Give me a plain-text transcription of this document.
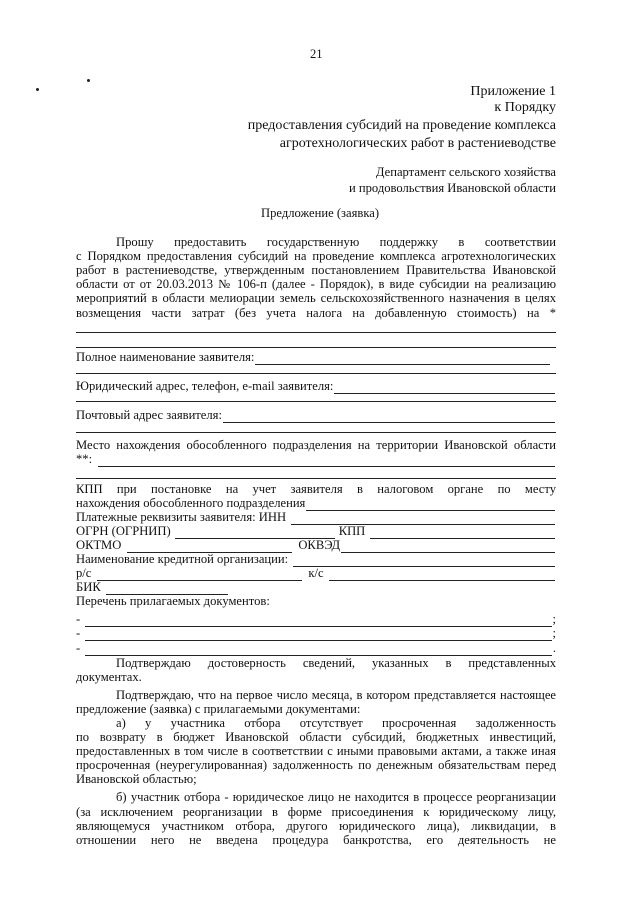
21
Приложение 1
к Порядку
предоставления субсидий на проведение комплекса
агротехнологических работ в растениеводстве
Департамент сельского хозяйства
и продовольствия Ивановской области
Предложение (заявка)
Прошу предоставить государственную поддержку в соответствии
с Порядком предоставления субсидий на проведение комплекса агротехнологических
работ в растениеводстве, утвержденным постановлением Правительства Ивановской
области от от 20.03.2013 № 106-п (далее - Порядок), в виде субсидии на реализацию
мероприятий в области мелиорации земель сельскохозяйственного назначения в целях
возмещения части затрат (без учета налога на добавленную стоимость) на *
Полное наименование заявителя:
Юридический адрес, телефон, e-mail заявителя:
Почтовый адрес заявителя:
Место нахождения обособленного подразделения на территории Ивановской области
**:
КПП при постановке на учет заявителя в налоговом органе по месту
нахождения обособленного подразделения
Платежные реквизиты заявителя: ИНН
ОГРН (ОГРНИП)	КПП
ОКТМО	ОКВЭД
Наименование кредитной организации:
р/с	к/с
БИК
Перечень прилагаемых документов:
-	;
-	;
-	.
Подтверждаю достоверность сведений, указанных в представленных
документах.
Подтверждаю, что на первое число месяца, в котором представляется настоящее
предложение (заявка) с прилагаемыми документами:
а) у участника отбора отсутствует просроченная задолженность
по возврату в бюджет Ивановской области субсидий, бюджетных инвестиций,
предоставленных в том числе в соответствии с иными правовыми актами, а также иная
просроченная (неурегулированная) задолженность по денежным обязательствам перед
Ивановской областью;
б) участник отбора - юридическое лицо не находится в процессе реорганизации
(за исключением реорганизации в форме присоединения к юридическому лицу,
являющемуся участником отбора, другого юридического лица), ликвидации, в
отношении него не введена процедура банкротства, его деятельность не
